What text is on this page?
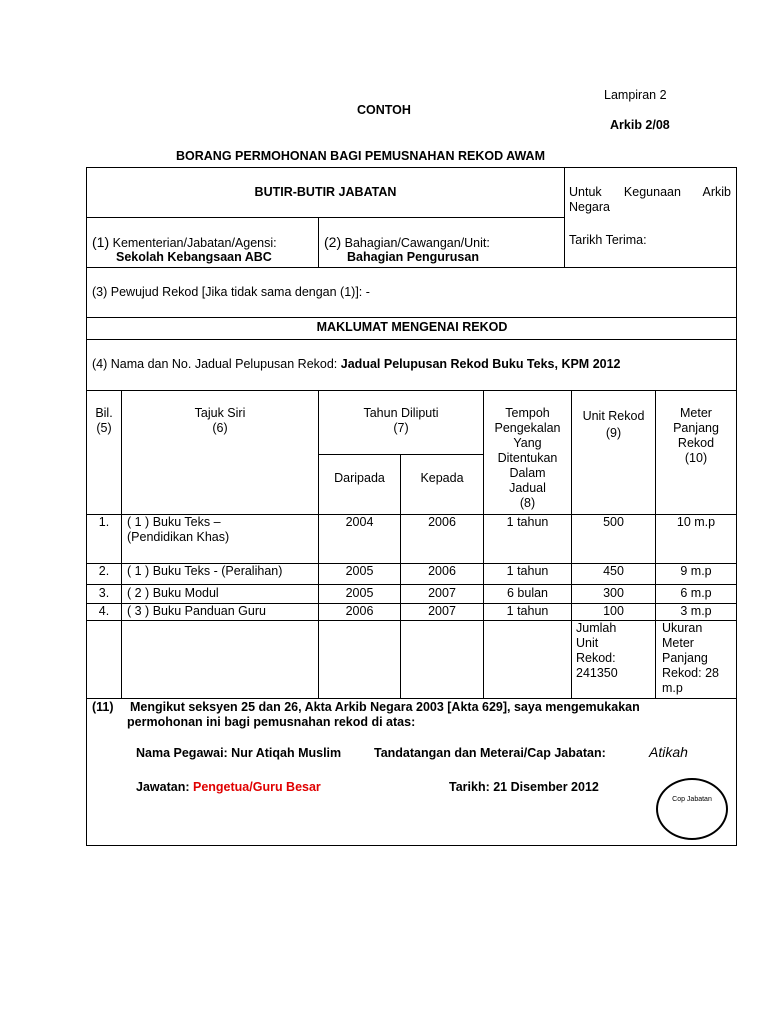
Lampiran 2
CONTOH
Arkib 2/08
BORANG PERMOHONAN BAGI PEMUSNAHAN REKOD AWAM
BUTIR-BUTIR JABATAN	Untuk Kegunaan Arkib Negara
Tarikh Terima:
(1) Kementerian/Jabatan/Agensi:
Sekolah Kebangsaan ABC
(2) Bahagian/Cawangan/Unit:
Bahagian Pengurusan
(3) Pewujud Rekod [Jika tidak sama dengan (1)]: -
MAKLUMAT MENGENAI REKOD
(4) Nama dan No. Jadual Pelupusan Rekod: Jadual Pelupusan Rekod Buku Teks, KPM 2012
Bil.
(5)
Tajuk Siri
(6)
Tahun Diliputi
(7)
Daripada	Kepada
Tempoh Pengekalan Yang Ditentukan Dalam Jadual
(8)
Unit Rekod
(9)
Meter Panjang Rekod
(10)
1.	( 1 ) Buku Teks –
(Pendidikan Khas)
2004	2006	1 tahun	500	10 m.p
2.	( 1 ) Buku Teks - (Peralihan)	2005	2006	1 tahun	450	9 m.p
3.	( 2 ) Buku Modul	2005	2007	6 bulan	300	6 m.p
4.	( 3 ) Buku Panduan Guru	2006	2007	1 tahun	100	3 m.p
Jumlah Unit Rekod: 241350
Ukuran Meter Panjang Rekod: 28 m.p
(11) Mengikut seksyen 25 dan 26, Akta Arkib Negara 2003 [Akta 629], saya mengemukakan
permohonan ini bagi pemusnahan rekod di atas:
Nama Pegawai: Nur Atiqah Muslim	Tandatangan dan Meterai/Cap Jabatan:	Atikah
Jawatan: Pengetua/Guru Besar	Tarikh: 21 Disember 2012
Cop Jabatan
